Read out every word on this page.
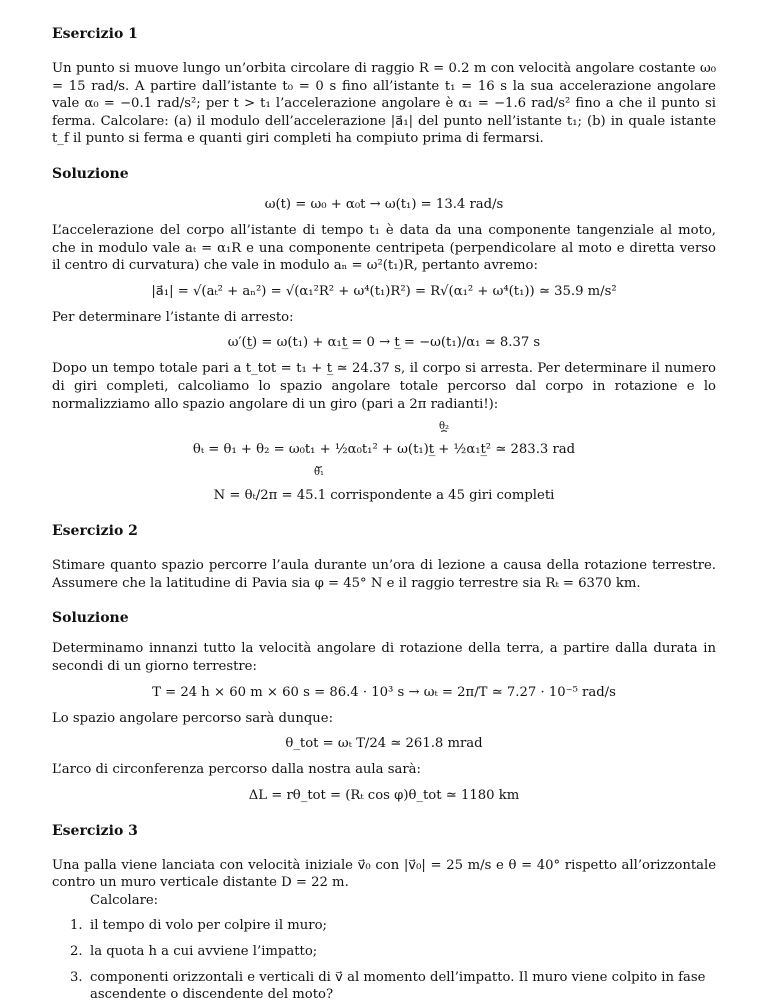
Esercizio 1

Un punto si muove lungo un’orbita circolare di raggio R = 0.2 m con velocità angolare costante ω₀ = 15 rad/s. A partire dall’istante t₀ = 0 s fino all’istante t₁ = 16 s la sua accelerazione angolare vale α₀ = −0.1 rad/s²; per t > t₁ l’accelerazione angolare è α₁ = −1.6 rad/s² fino a che il punto si ferma. Calcolare: (a) il modulo dell’accelerazione |a⃗₁| del punto nell’istante t₁; (b) in quale istante t_f il punto si ferma e quanti giri completi ha compiuto prima di fermarsi.

Soluzione

ω(t) = ω₀ + α₀t → ω(t₁) = 13.4 rad/s

L’accelerazione del corpo all’istante di tempo t₁ è data da una componente tangenziale al moto, che in modulo vale aₜ = α₁R e una componente centripeta (perpendicolare al moto e diretta verso il centro di curvatura) che vale in modulo aₙ = ω²(t₁)R, pertanto avremo:

|a⃗₁| = √(aₜ² + aₙ²) = √(α₁²R² + ω⁴(t₁)R²) = R√(α₁² + ω⁴(t₁)) ≃ 35.9 m/s²

Per determinare l’istante di arresto:

ω′(t̲) = ω(t₁) + α₁t̲ = 0 → t̲ = −ω(t₁)/α₁ ≃ 8.37 s

Dopo un tempo totale pari a t_tot = t₁ + t̲ ≃ 24.37 s, il corpo si arresta. Per determinare il numero di giri completi, calcoliamo lo spazio angolare totale percorso dal corpo in rotazione e lo normalizziamo allo spazio angolare di un giro (pari a 2π radianti!):

θ₂

⏞

θₜ = θ₁ + θ₂ = ω₀t₁ + ½α₀t₁² + ω(t₁)t̲ + ½α₁t̲² ≃ 283.3 rad

⏟

θ₁

N = θₜ/2π = 45.1 corrispondente a 45 giri completi

Esercizio 2

Stimare quanto spazio percorre l’aula durante un’ora di lezione a causa della rotazione terrestre. Assumere che la latitudine di Pavia sia φ = 45° N e il raggio terrestre sia Rₜ = 6370 km.

Soluzione

Determinamo innanzi tutto la velocità angolare di rotazione della terra, a partire dalla durata in secondi di un giorno terrestre:

T = 24 h × 60 m × 60 s = 86.4 · 10³ s → ωₜ = 2π/T ≃ 7.27 · 10⁻⁵ rad/s

Lo spazio angolare percorso sarà dunque:

θ_tot = ωₜ T/24 ≃ 261.8 mrad

L’arco di circonferenza percorso dalla nostra aula sarà:

ΔL = rθ_tot = (Rₜ cos φ)θ_tot ≃ 1180 km

Esercizio 3

Una palla viene lanciata con velocità iniziale v⃗₀ con |v⃗₀| = 25 m/s e θ = 40° rispetto all’orizzontale contro un muro verticale distante D = 22 m.

Calcolare:

1. il tempo di volo per colpire il muro;
2. la quota h a cui avviene l’impatto;
3. componenti orizzontali e verticali di v⃗ al momento dell’impatto. Il muro viene colpito in fase ascendente o discendente del moto?
